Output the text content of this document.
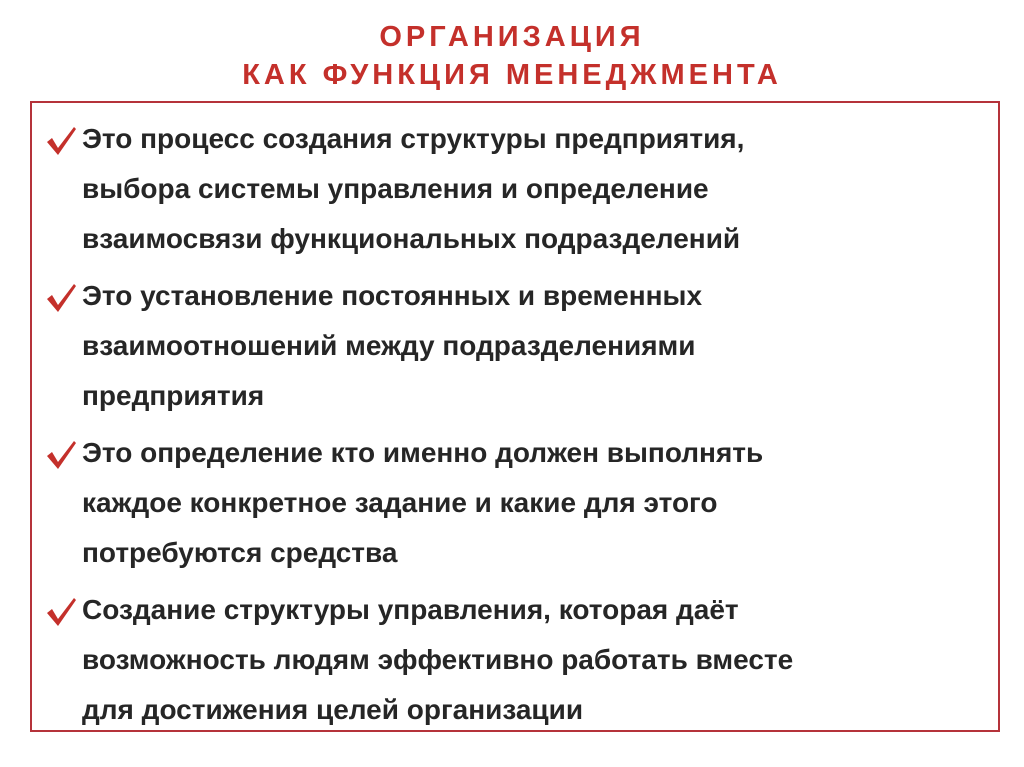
ОРГАНИЗАЦИЯ
КАК ФУНКЦИЯ МЕНЕДЖМЕНТА
Это процесс создания структуры предприятия,
выбора системы управления и определение
взаимосвязи функциональных подразделений
Это установление постоянных и временных
взаимоотношений между подразделениями
предприятия
Это определение кто именно должен выполнять
каждое конкретное задание и какие для этого
потребуются средства
Создание структуры управления, которая даёт
возможность людям эффективно работать вместе
для достижения целей организации
